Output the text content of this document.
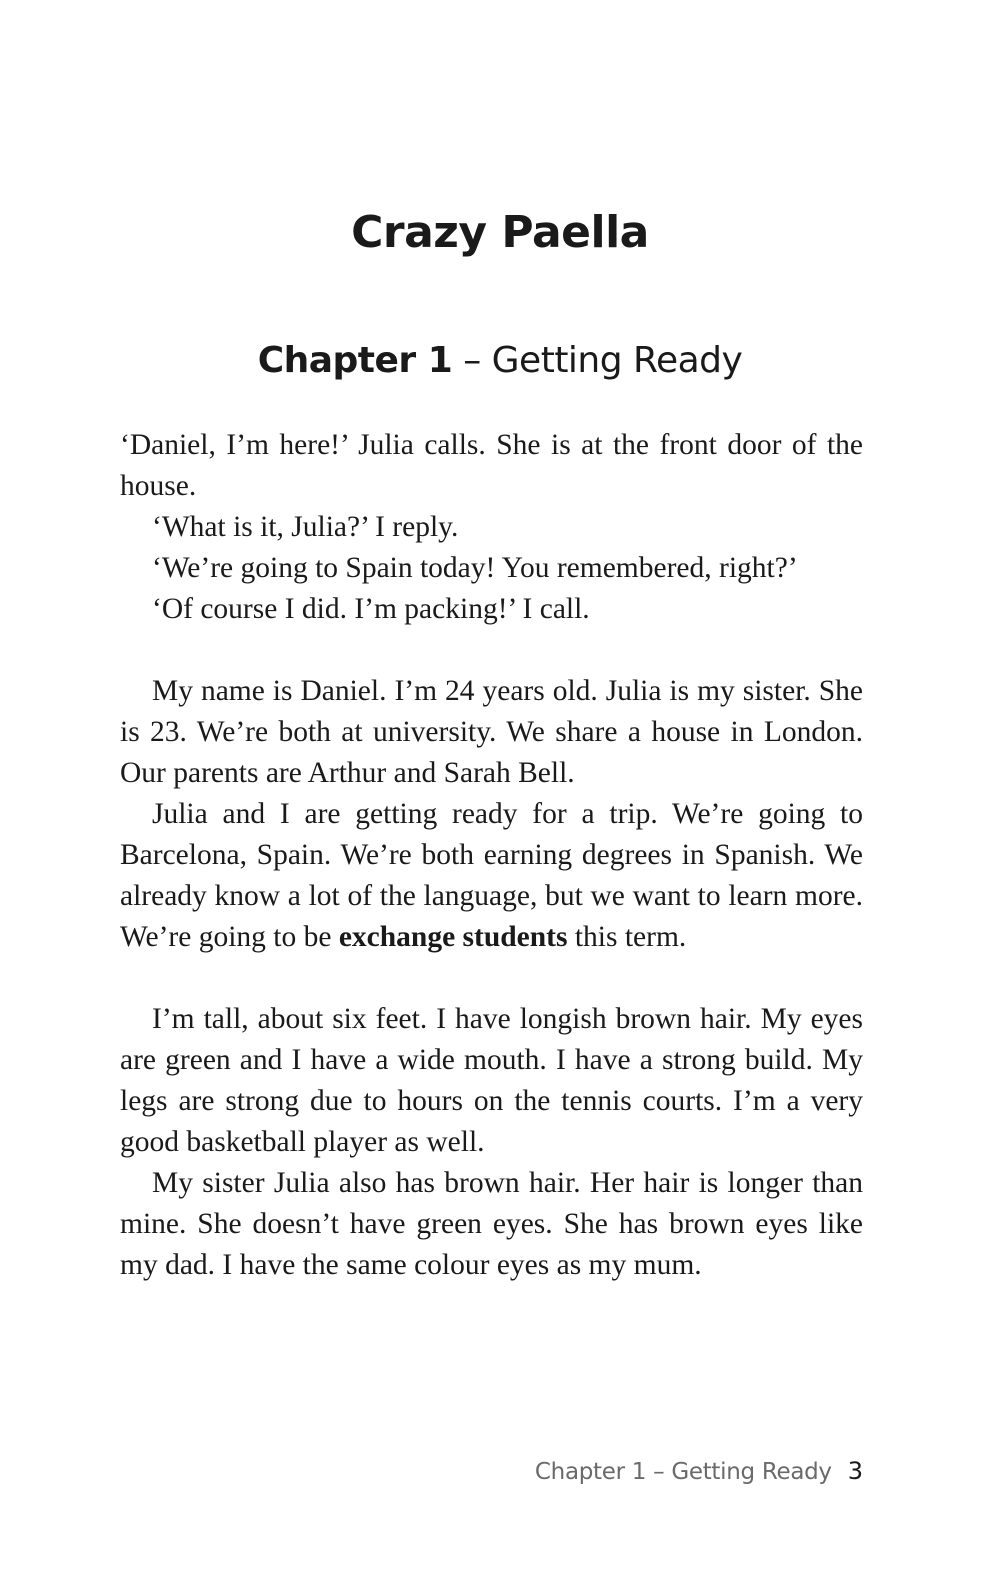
Crazy Paella
Chapter 1 – Getting Ready

‘Daniel, I’m here!’ Julia calls. She is at the front door of the house.

‘What is it, Julia?’ I reply.

‘We’re going to Spain today! You remembered, right?’

‘Of course I did. I’m packing!’ I call.

My name is Daniel. I’m 24 years old. Julia is my sister. She is 23. We’re both at university. We share a house in London. Our parents are Arthur and Sarah Bell.

Julia and I are getting ready for a trip. We’re going to Barcelona, Spain. We’re both earning degrees in Spanish. We already know a lot of the language, but we want to learn more. We’re going to be exchange students this term.

I’m tall, about six feet. I have longish brown hair. My eyes are green and I have a wide mouth. I have a strong build. My legs are strong due to hours on the tennis courts. I’m a very good basketball player as well.

My sister Julia also has brown hair. Her hair is longer than mine. She doesn’t have green eyes. She has brown eyes like my dad. I have the same colour eyes as my mum.

Chapter 1 – Getting Ready 3
